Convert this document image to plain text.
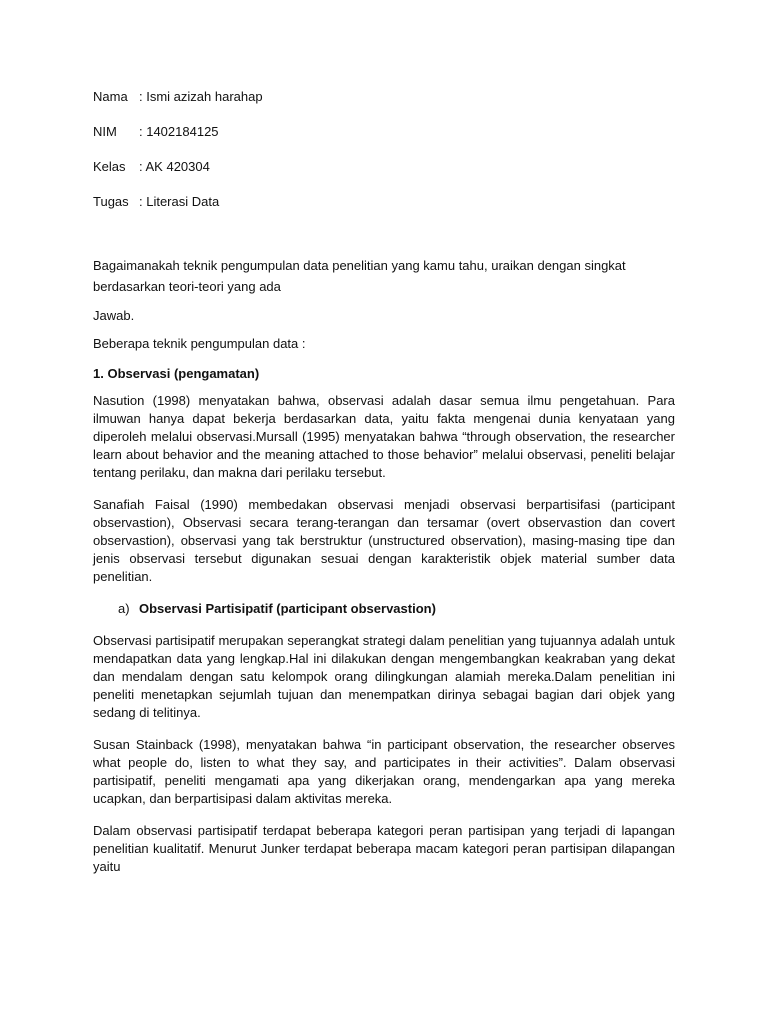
Nama : Ismi azizah harahap
NIM	: 1402184125
Kelas	: AK 420304
Tugas : Literasi Data
Bagaimanakah teknik pengumpulan data penelitian yang kamu tahu, uraikan dengan singkat berdasarkan teori-teori yang ada
Jawab.
Beberapa teknik pengumpulan data :
1. Observasi (pengamatan)
Nasution (1998) menyatakan bahwa, observasi adalah dasar semua ilmu pengetahuan. Para ilmuwan hanya dapat bekerja berdasarkan data, yaitu fakta mengenai dunia kenyataan yang diperoleh melalui observasi.Mursall (1995) menyatakan bahwa “through observation, the researcher learn about behavior and the meaning attached to those behavior” melalui observasi, peneliti belajar tentang perilaku, dan makna dari perilaku tersebut.
Sanafiah Faisal (1990) membedakan observasi menjadi observasi berpartisifasi (participant observastion), Observasi secara terang-terangan dan tersamar (overt observastion dan covert observastion), observasi yang tak berstruktur (unstructured observation), masing-masing tipe dan jenis observasi tersebut digunakan sesuai dengan karakteristik objek material sumber data penelitian.
a) Observasi Partisipatif (participant observastion)
Observasi partisipatif merupakan seperangkat strategi dalam penelitian yang tujuannya adalah untuk mendapatkan data yang lengkap.Hal ini dilakukan dengan mengembangkan keakraban yang dekat dan mendalam dengan satu kelompok orang dilingkungan alamiah mereka.Dalam penelitian ini peneliti menetapkan sejumlah tujuan dan menempatkan dirinya sebagai bagian dari objek yang sedang di telitinya.
Susan Stainback (1998), menyatakan bahwa “in participant observation, the researcher observes what people do, listen to what they say, and participates in their activities”. Dalam observasi partisipatif, peneliti mengamati apa yang dikerjakan orang, mendengarkan apa yang mereka ucapkan, dan berpartisipasi dalam aktivitas mereka.
Dalam observasi partisipatif terdapat beberapa kategori peran partisipan yang terjadi di lapangan penelitian kualitatif. Menurut Junker terdapat beberapa macam kategori peran partisipan dilapangan yaitu
